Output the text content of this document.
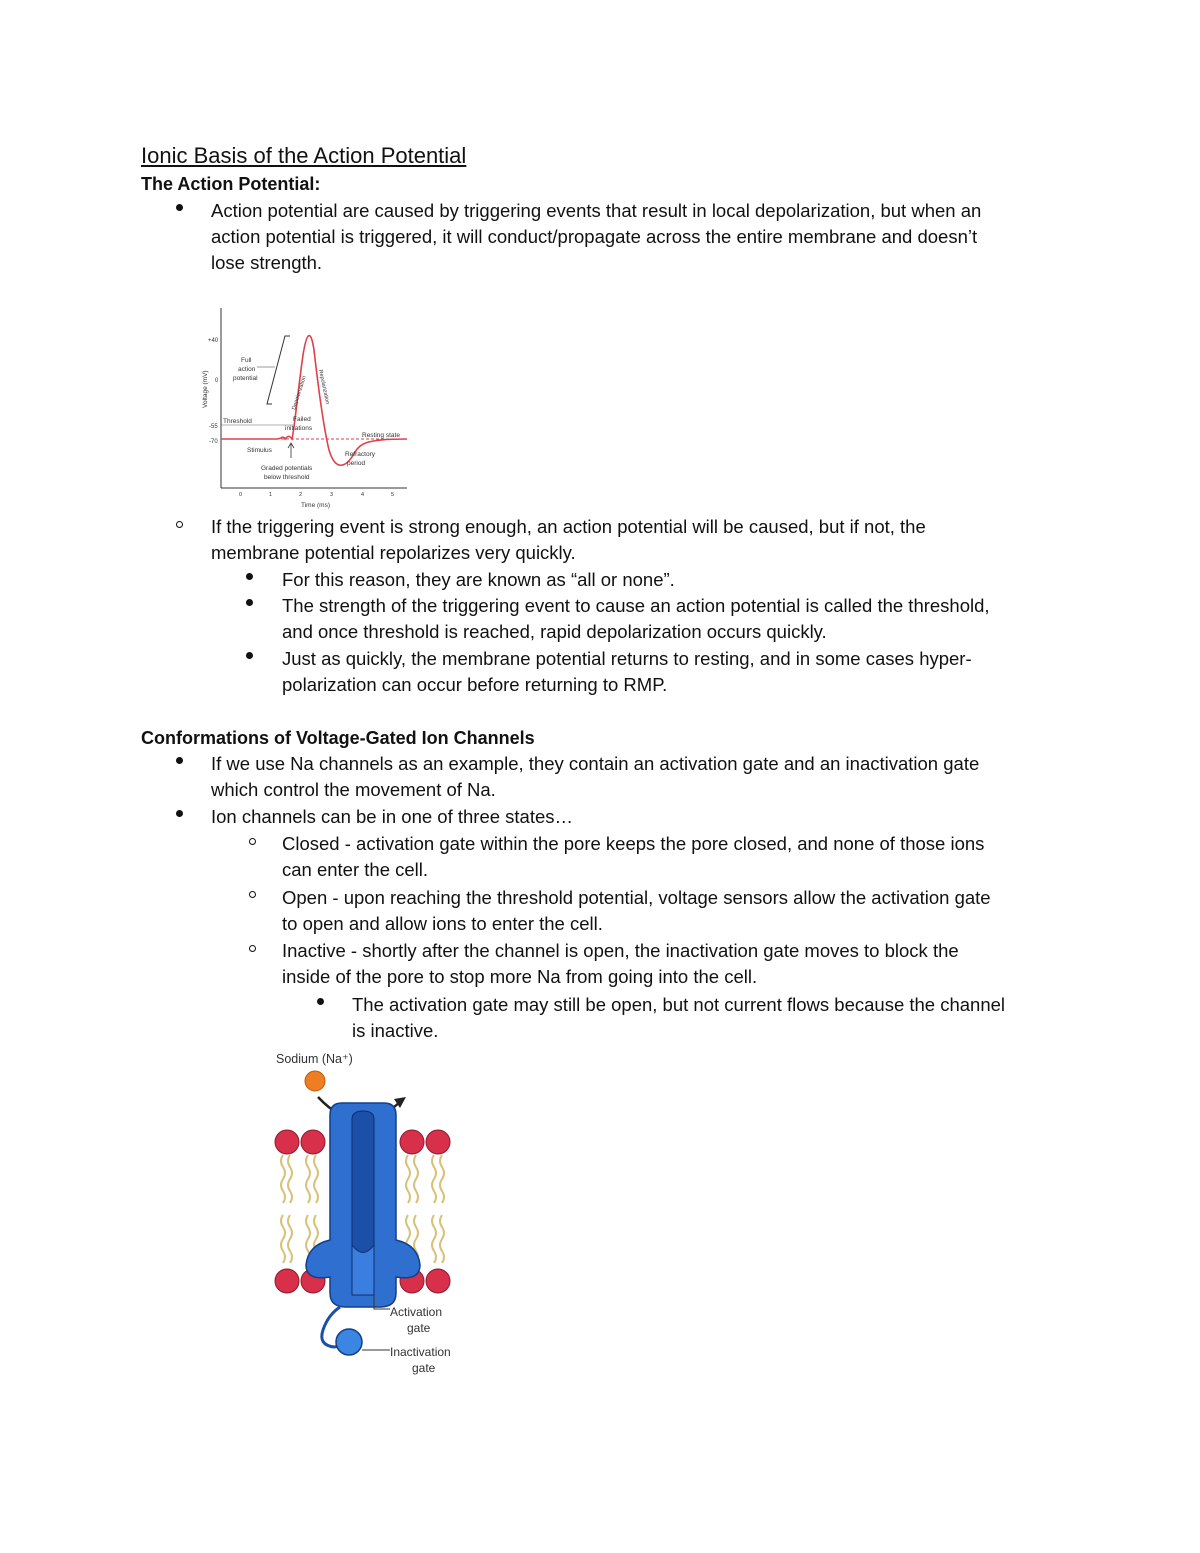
Ionic Basis of the Action Potential
The Action Potential:
Action potential are caused by triggering events that result in local depolarization, but when an
action potential is triggered, it will conduct/propagate across the entire membrane and doesn’t
lose strength.
+40
0
-55
-70
Voltage (mV)
0	1	2	3	4	5
Time (ms)
Full
action
potential	Depolarization Repolarization
Threshold	Failed
initiations
Resting state
Stimulus
Refractory
period
Graded potentials
below threshold
If the triggering event is strong enough, an action potential will be caused, but if not, the
membrane potential repolarizes very quickly.
For this reason, they are known as “all or none”.
The strength of the triggering event to cause an action potential is called the threshold,
and once threshold is reached, rapid depolarization occurs quickly.
Just as quickly, the membrane potential returns to resting, and in some cases hyper-
polarization can occur before returning to RMP.
Conformations of Voltage-Gated Ion Channels
If we use Na channels as an example, they contain an activation gate and an inactivation gate
which control the movement of Na.
Ion channels can be in one of three states…
Closed - activation gate within the pore keeps the pore closed, and none of those ions
can enter the cell.
Open - upon reaching the threshold potential, voltage sensors allow the activation gate
to open and allow ions to enter the cell.
Inactive - shortly after the channel is open, the inactivation gate moves to block the
inside of the pore to stop more Na from going into the cell.
The activation gate may still be open, but not current flows because the channel
is inactive.
Sodium (Na⁺)
Activation
gate
Inactivation
gate
